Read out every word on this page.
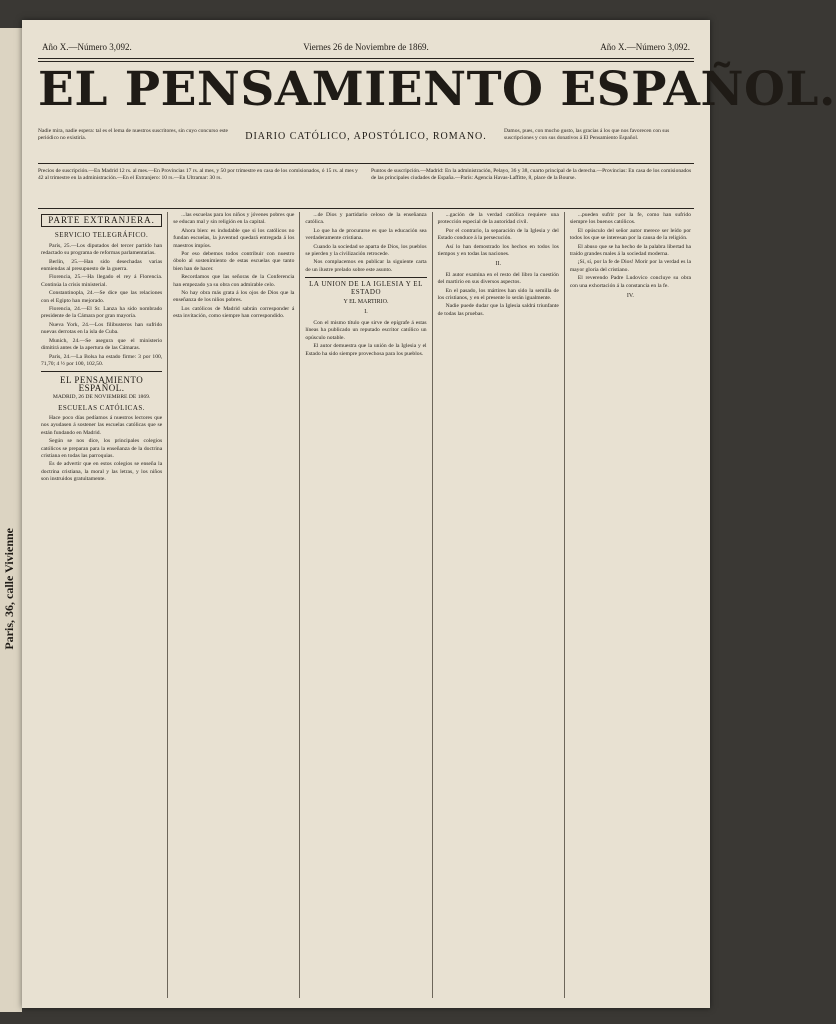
Paris, 36, calle Vivienne
Año X.—Número 3,092.	Viernes 26 de Noviembre de 1869.	Año X.—Número 3,092.
EL PENSAMIENTO ESPAÑOL.
Nadie mira, nadie espera: tal es el lema de nuestros suscritores, sin cuyo concurso este periódico no existiría.	DIARIO CATÓLICO, APOSTÓLICO, ROMANO.	Damos, pues, con mucho gusto, las gracias á los que nos favorecen con sus suscripciones y con sus donativos á El Pensamiento Español.
Precios de suscripción.—En Madrid 12 rs. al mes.—En Provincias 17 rs. al mes, y 50 por trimestre en casa de los comisionados, ó 15 rs. al mes y 42 al trimestre en la administración.—En el Extranjero: 10 rs.—En Ultramar: 30 rs.
Puntos de suscripción.—Madrid: En la administración, Pelayo, 36 y 38, cuarto principal de la derecha.—Provincias: En casa de los comisionados de las principales ciudades de España.—París: Agencia Havas-Laffitte, 8, place de la Bourse.
PARTE EXTRANJERA.
SERVICIO TELEGRÁFICO.

París, 25.—Los diputados del tercer partido han redactado su programa de reformas parlamentarias.

Berlín, 25.—Han sido desechadas varias enmiendas al presupuesto de la guerra.

Florencia, 25.—Ha llegado el rey á Florencia. Continúa la crisis ministerial.

Constantinopla, 24.—Se dice que las relaciones con el Egipto han mejorado.

Florencia, 24.—El Sr. Lanza ha sido nombrado presidente de la Cámara por gran mayoría.

Nueva York, 24.—Los filibusteros han sufrido nuevas derrotas en la isla de Cuba.

Munich, 24.—Se asegura que el ministerio dimitirá antes de la apertura de las Cámaras.

París, 24.—La Bolsa ha estado firme: 3 por 100, 71,70; 4 ½ por 100, 102,50.

EL PENSAMIENTO ESPAÑOL.
MADRID, 26 DE NOVIEMBRE DE 1869.
ESCUELAS CATÓLICAS.

Hace poco días pedíamos á nuestros lectores que nos ayudasen á sostener las escuelas católicas que se están fundando en Madrid.

Según se nos dice, los principales colegios católicos se preparan para la enseñanza de la doctrina cristiana en todas las parroquias.

Es de advertir que en estos colegios se enseña la doctrina cristiana, la moral y las letras, y los niños son instruidos gratuitamente.

...las escuelas para los niños y jóvenes pobres que se educan mal y sin religión en la capital.

Ahora bien: es indudable que si los católicos no fundan escuelas, la juventud quedará entregada á los maestros impíos.

Por eso debemos todos contribuir con nuestro óbolo al sostenimiento de estas escuelas que tanto bien han de hacer.

Recordamos que las señoras de la Conferencia han empezado ya su obra con admirable celo.

No hay obra más grata á los ojos de Dios que la enseñanza de los niños pobres.

Los católicos de Madrid sabrán corresponder á esta invitación, como siempre han correspondido.

...de Dios y partidario celoso de la enseñanza católica.

Lo que ha de procurarse es que la educación sea verdaderamente cristiana.

Cuando la sociedad se aparta de Dios, los pueblos se pierden y la civilización retrocede.

Nos complacemos en publicar la siguiente carta de un ilustre prelado sobre este asunto.

LA UNION DE LA IGLESIA Y EL ESTADO
Y EL MARTIRIO.
I.

Con el mismo título que sirve de epígrafe á estas líneas ha publicado un reputado escritor católico un opúsculo notable.

El autor demuestra que la unión de la Iglesia y el Estado ha sido siempre provechosa para los pueblos.

...gación de la verdad católica requiere una protección especial de la autoridad civil.

Por el contrario, la separación de la Iglesia y del Estado conduce á la persecución.

Así lo han demostrado los hechos en todos los tiempos y en todas las naciones.

II.

El autor examina en el resto del libro la cuestión del martirio en sus diversos aspectos.

En el pasado, los mártires han sido la semilla de los cristianos, y en el presente lo serán igualmente.

Nadie puede dudar que la Iglesia saldrá triunfante de todas las pruebas.

...pueden sufrir por la fe, como han sufrido siempre los buenos católicos.

El opúsculo del señor autor merece ser leído por todos los que se interesan por la causa de la religión.

El abuso que se ha hecho de la palabra libertad ha traído grandes males á la sociedad moderna.

¡Sí, sí, por la fe de Dios! Morir por la verdad es la mayor gloria del cristiano.

El reverendo Padre Ludovico concluye su obra con una exhortación á la constancia en la fe.

IV.
